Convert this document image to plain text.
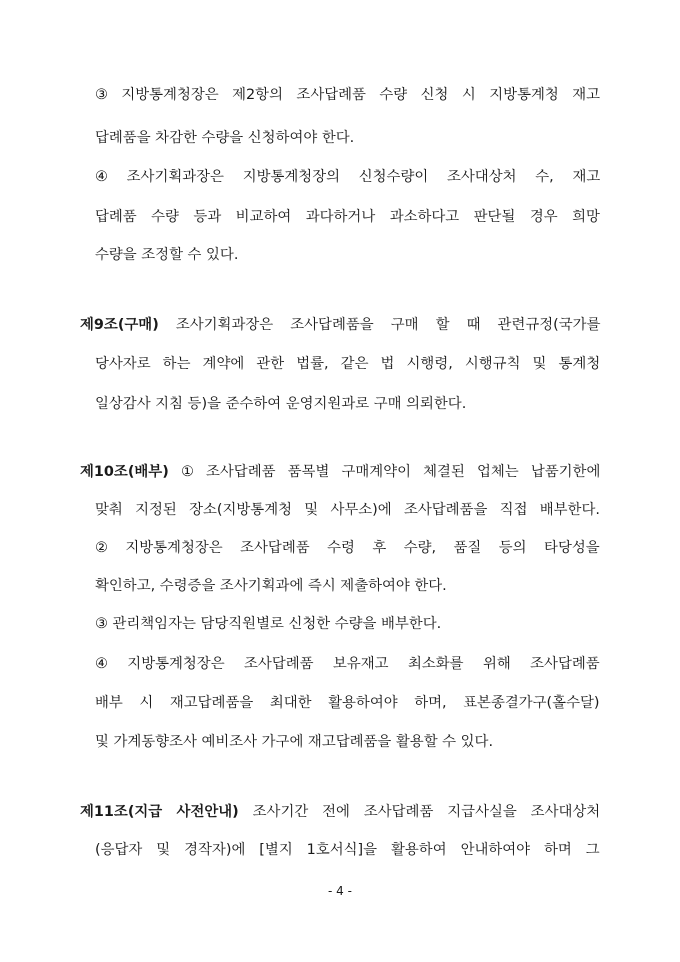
③ 지방통계청장은 제2항의 조사답례품 수량 신청 시 지방통계청 재고
답례품을 차감한 수량을 신청하여야 한다.
④ 조사기획과장은 지방통계청장의 신청수량이 조사대상처 수, 재고
답례품 수량 등과 비교하여 과다하거나 과소하다고 판단될 경우 희망
수량을 조정할 수 있다.
제9조(구매) 조사기획과장은 조사답례품을 구매 할 때 관련규정(국가를
당사자로 하는 계약에 관한 법률, 같은 법 시행령, 시행규칙 및 통계청
일상감사 지침 등)을 준수하여 운영지원과로 구매 의뢰한다.
제10조(배부) ① 조사답례품 품목별 구매계약이 체결된 업체는 납품기한에
맞춰 지정된 장소(지방통계청 및 사무소)에 조사답례품을 직접 배부한다.
② 지방통계청장은 조사답례품 수령 후 수량, 품질 등의 타당성을
확인하고, 수령증을 조사기획과에 즉시 제출하여야 한다.
③ 관리책임자는 담당직원별로 신청한 수량을 배부한다.
④ 지방통계청장은 조사답례품 보유재고 최소화를 위해 조사답례품
배부 시 재고답례품을 최대한 활용하여야 하며, 표본종결가구(홀수달)
및 가계동향조사 예비조사 가구에 재고답례품을 활용할 수 있다.
제11조(지급 사전안내) 조사기간 전에 조사답례품 지급사실을 조사대상처
(응답자 및 경작자)에 [별지 1호서식]을 활용하여 안내하여야 하며 그
- 4 -
